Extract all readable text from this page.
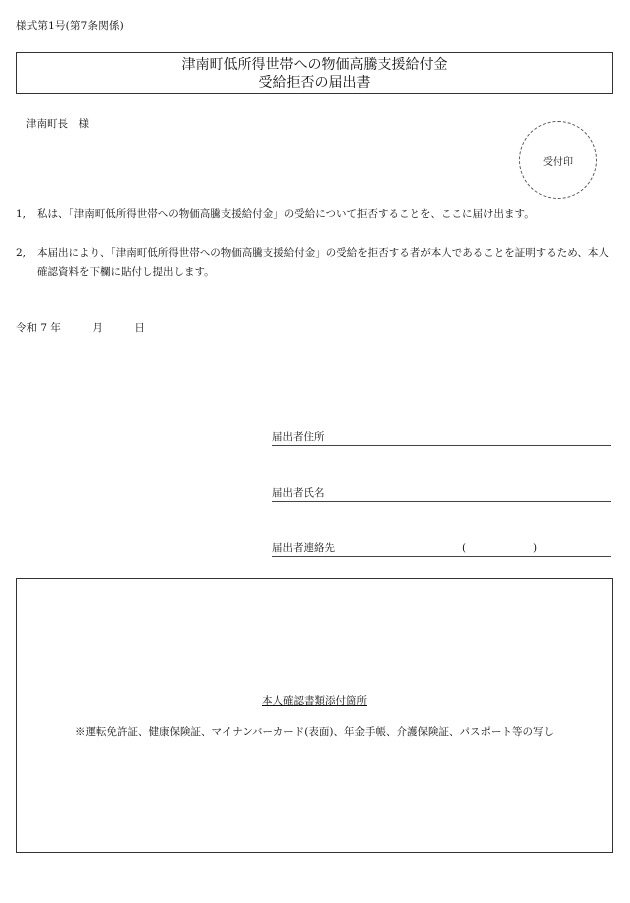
様式第1号(第7条関係)
津南町低所得世帯への物価高騰支援給付金
受給拒否の届出書
津南町長　様
受付印
1, 私は、「津南町低所得世帯への物価高騰支援給付金」の受給について拒否することを、ここに届け出ます。
2, 本届出により、「津南町低所得世帯への物価高騰支援給付金」の受給を拒否する者が本人であることを証明するため、本人確認資料を下欄に貼付し提出します。
令和 7 年　　　月　　　日
届出者住所
届出者氏名
届出者連絡先	(	)
本人確認書類添付箇所
※運転免許証、健康保険証、マイナンバーカード(表面)、年金手帳、介護保険証、パスポート等の写し
